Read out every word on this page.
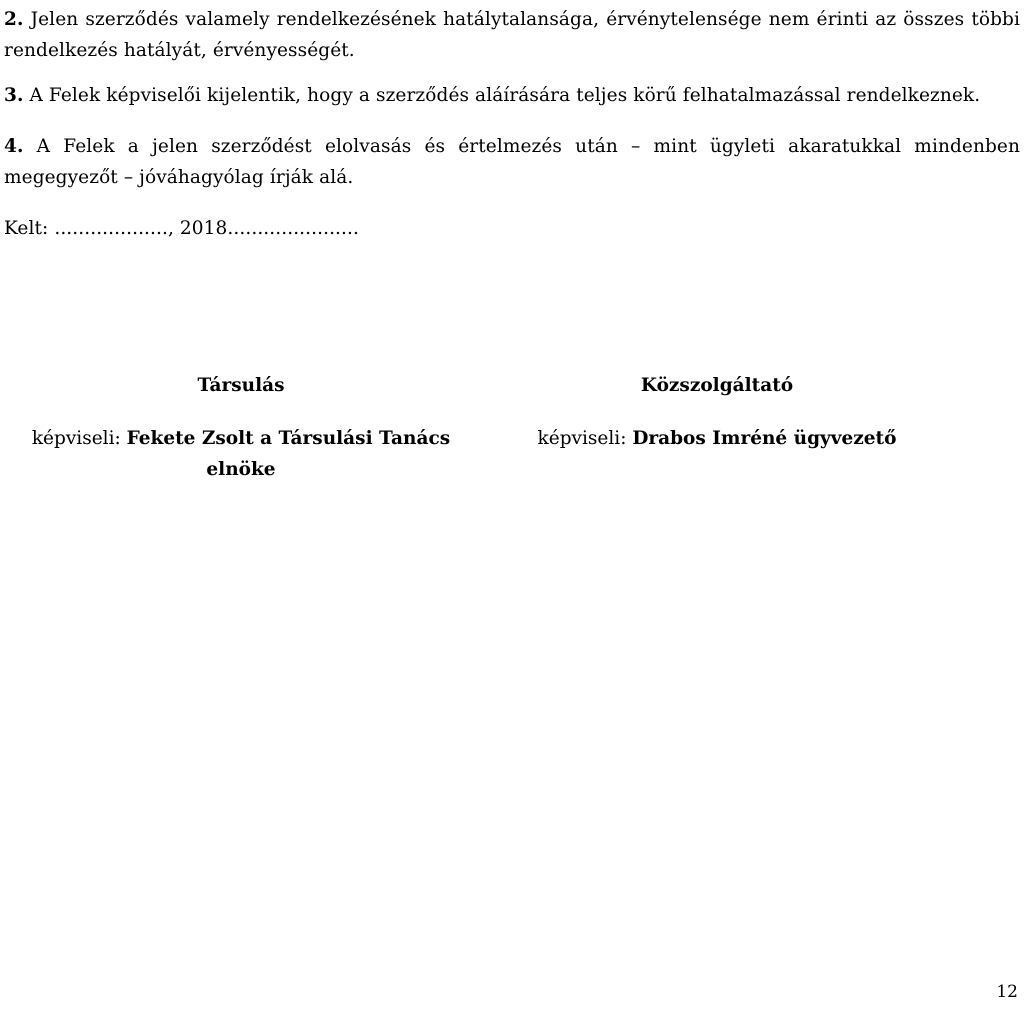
2. Jelen szerződés valamely rendelkezésének hatálytalansága, érvénytelensége nem érinti az összes többi rendelkezés hatályát, érvényességét.
3. A Felek képviselői kijelentik, hogy a szerződés aláírására teljes körű felhatalmazással rendelkeznek.
4. A Felek a jelen szerződést elolvasás és értelmezés után – mint ügyleti akaratukkal mindenben megegyezőt – jóváhagyólag írják alá.
Kelt: ..................., 2018......................
Társulás
képviseli: Fekete Zsolt a Társulási Tanács
elnöke
Közszolgáltató
képviseli: Drabos Imréné ügyvezető
12
